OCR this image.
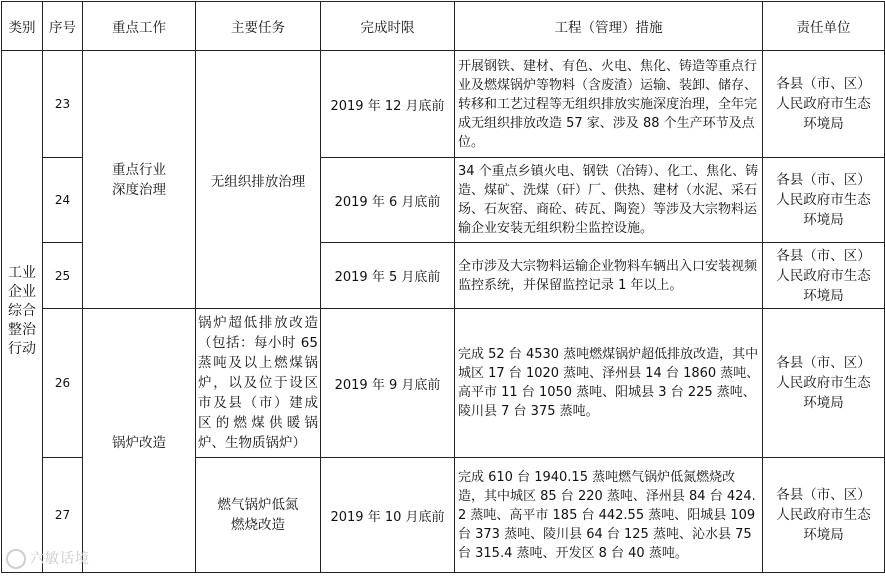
类别	序号	重点工作	主要任务	完成时限	工程（管理）措施	责任单位
工业企业综合整治行动	23	重点行业深度治理	无组织排放治理	2019 年 12 月底前	开展钢铁、建材、有色、火电、焦化、铸造等重点行业及燃煤锅炉等物料（含废渣）运输、装卸、储存、转移和工艺过程等无组织排放实施深度治理，全年完成无组织排放改造 57 家、涉及 88 个生产环节及点位。	各县（市、区）人民政府市生态环境局

	24			2019 年 6 月底前	34 个重点乡镇火电、钢铁（冶铸）、化工、焦化、铸造、煤矿、洗煤（矸）厂、供热、建材（水泥、采石场、石灰窑、商砼、砖瓦、陶瓷）等涉及大宗物料运输企业安装无组织粉尘监控设施。	各县（市、区）人民政府市生态环境局

	25			2019 年 5 月底前	全市涉及大宗物料运输企业物料车辆出入口安装视频监控系统，并保留监控记录 1 年以上。	各县（市、区）人民政府市生态环境局

	26	锅炉改造	锅炉超低排放改造（包括：每小时 65 蒸吨及以上燃煤锅炉，以及位于设区市及县（市）建成区的燃煤供暖锅炉、生物质锅炉）	2019 年 9 月底前	完成 52 台 4530 蒸吨燃煤锅炉超低排放改造，其中城区 17 台 1020 蒸吨、泽州县 14 台 1860 蒸吨、高平市 11 台 1050 蒸吨、阳城县 3 台 225 蒸吨、陵川县 7 台 375 蒸吨。	各县（市、区）人民政府市生态环境局

	27		燃气锅炉低氮燃烧改造	2019 年 10 月底前	完成 610 台 1940.15 蒸吨燃气锅炉低氮燃烧改造，其中城区 85 台 220 蒸吨、泽州县 84 台 424.2 蒸吨、高平市 185 台 442.55 蒸吨、阳城县 109 台 373 蒸吨、陵川县 64 台 125 蒸吨、沁水县 75 台 315.4 蒸吨、开发区 8 台 40 蒸吨。	各县（市、区）人民政府市生态环境局
六敏话境
